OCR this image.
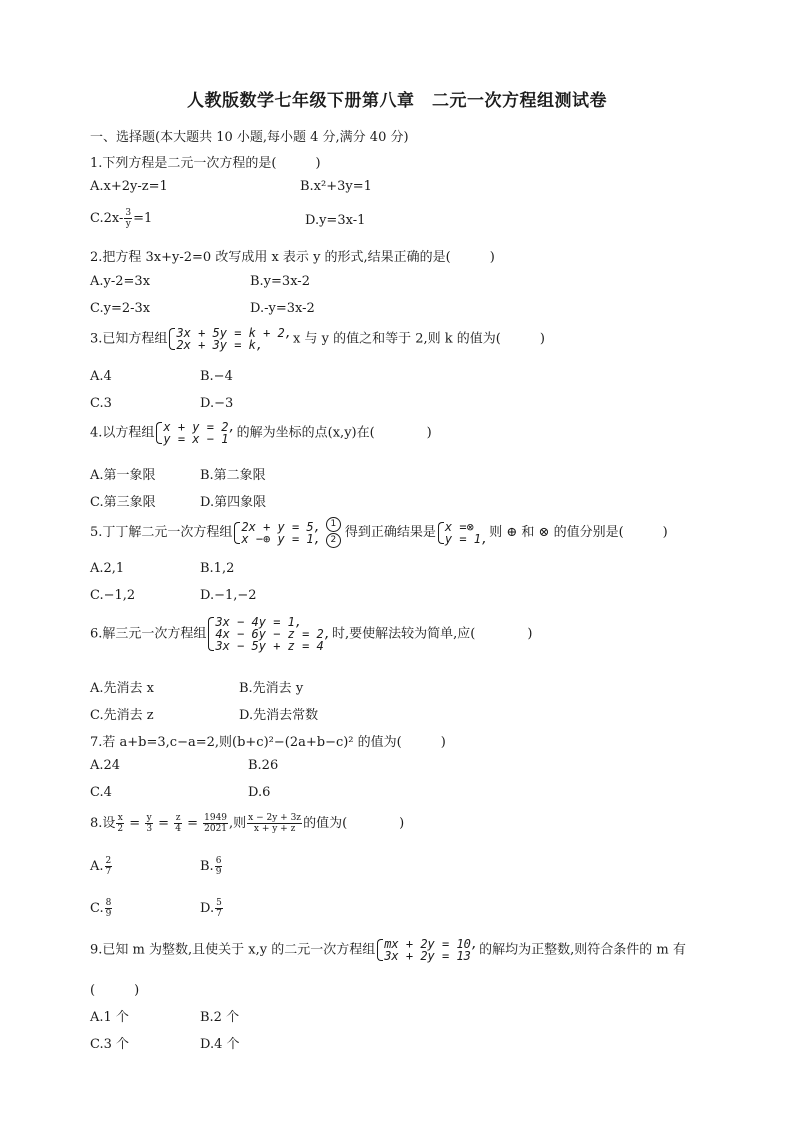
人教版数学七年级下册第八章　二元一次方程组测试卷
一、选择题(本大题共 10 小题,每小题 4 分,满分 40 分)
1.下列方程是二元一次方程的是(　　　)
A.x+2y-z=1	B.x²+3y=1
$C.2x- \frac{3}{y} =1$	D.y=3x-1
2.把方程 3x+y-2=0 改写成用 x 表示 y 的形式,结果正确的是(　　　)
A.y-2=3x	B.y=3x-2
C.y=2-3x	D.-y=3x-2
3.已知方程组 3x + 5y = k + 2,
2x + 3y = k,	x 与 y 的值之和等于 2,则 k 的值为(　　　)
A.4	B.−4
C.3	D.−3
4.以方程组 x + y = 2,
y = x − 1 的解为坐标的点(x,y)在(　　　　)
A.第一象限	B.第二象限
C.第三象限	D.第四象限
5.丁丁解二元一次方程组 2x + y = 5,
x −⊕ y = 1, $\frac{1}{2}$ 得到正确结果是 x =⊗
y = 1, 则 ⊕ 和 ⊗ 的值分别是(　　　)
A.2,1	B.1,2
C.−1,2	D.−1,−2
6.解三元一次方程组
3x − 4y = 1,
4x − 6y − z = 2,
3x − 5y + z = 4
时,要使解法较为简单,应(　　　　)
A.先消去 x	B.先消去 y
C.先消去 z	D.先消去常数
7.若 a+b=3,c−a=2,则(b+c)²−(2a+b−c)² 的值为(　　　)
A.24	B.26
C.4	D.6
8.设 $\frac{x}{2} = \frac{y}{3} = \frac{z}{4} = \frac{1949}{2021}$ ,则 $\frac{x - 2y + 3z}{x + y + z}$ 的值为(　　　　)
A. $\frac{2}{7}$	B. $\frac{6}{9}$
C. $\frac{8}{9}$	D. $\frac{5}{7}$
9.已知 m 为整数,且使关于 x,y 的二元一次方程组 mx + 2y = 10,
3x + 2y = 13 的解均为正整数,则符合条件的 m 有
(　　　)
A.1 个	B.2 个
C.3 个	D.4 个
